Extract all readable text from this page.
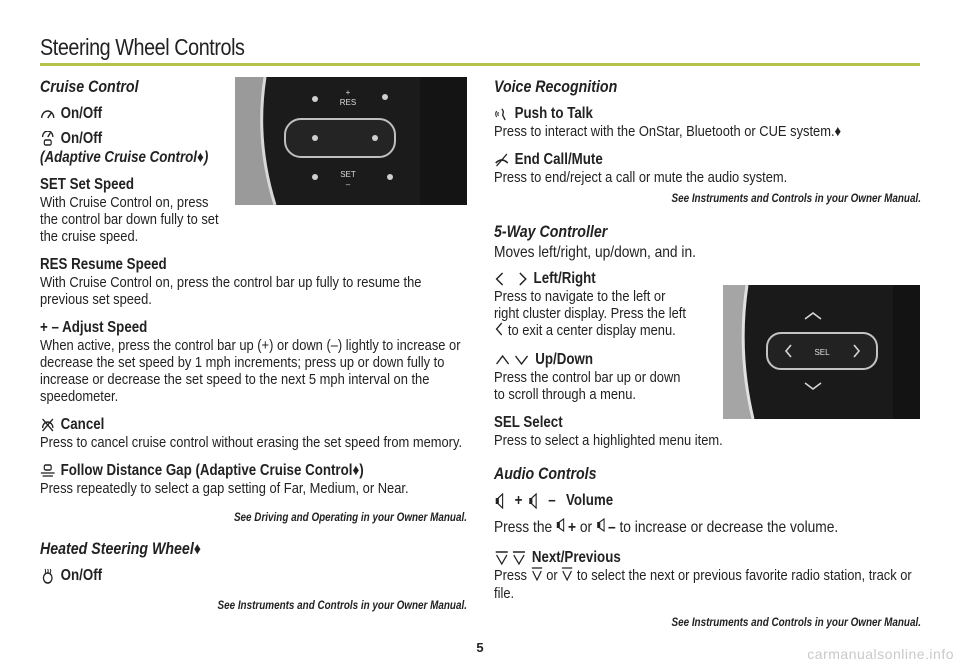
Steering Wheel Controls
Cruise Control
On/Off
On/Off
(Adaptive Cruise Control♦)
SET Set Speed
With Cruise Control on, press the control bar down fully to set the cruise speed.
RES Resume Speed
With Cruise Control on, press the control bar up fully to resume the previous set speed.
+ – Adjust Speed
When active, press the control bar up (+) or down (–) lightly to increase or decrease the set speed by 1 mph increments; press up or down fully to increase or decrease the set speed to the next 5 mph interval on the speedometer.
Cancel
Press to cancel cruise control without erasing the set speed from memory.
Follow Distance Gap (Adaptive Cruise Control♦)
Press repeatedly to select a gap setting of Far, Medium, or Near.
See Driving and Operating in your Owner Manual.
Heated Steering Wheel♦
On/Off
See Instruments and Controls in your Owner Manual.
RES
+
SET
–
Voice Recognition
Push to Talk
Press to interact with the OnStar, Bluetooth or CUE system.♦
End Call/Mute
Press to end/reject a call or mute the audio system.
See Instruments and Controls in your Owner Manual.
5-Way Controller
Moves left/right, up/down, and in.
Left/Right
Press to navigate to the left or right cluster display. Press the left  to exit a center display menu.
Up/Down
Press the control bar up or down to scroll through a menu.
SEL Select
Press to select a highlighted menu item.
Audio Controls
+ – Volume
Press the + or – to increase or decrease the volume.
Next/Previous
Press or to select the next or previous favorite radio station, track or file.
See Instruments and Controls in your Owner Manual.
SEL
5	carmanualsonline.info
